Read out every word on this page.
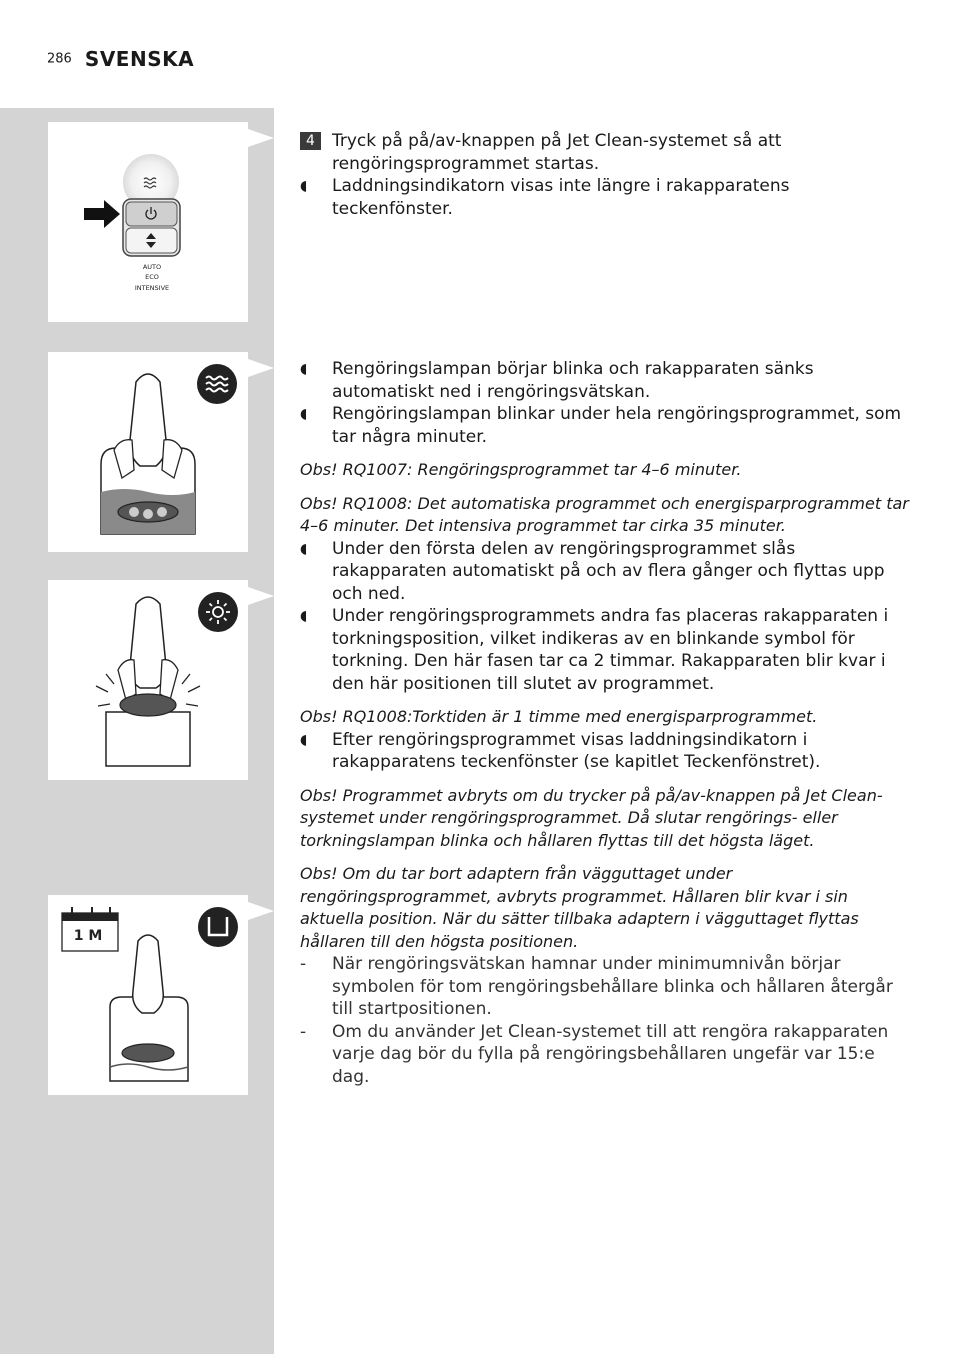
286 SVENSKA
AUTO
ECO
INTENSIVE
1 M
4	Tryck på på/av-knappen på Jet Clean-systemet så att rengöringsprogrammet startas.
◖ Laddningsindikatorn visas inte längre i rakapparatens teckenfönster.
◖ Rengöringslampan börjar blinka och rakapparaten sänks automatiskt ned i rengöringsvätskan.
◖ Rengöringslampan blinkar under hela rengöringsprogrammet, som tar några minuter.
Obs! RQ1007: Rengöringsprogrammet tar 4–6 minuter.
Obs! RQ1008: Det automatiska programmet och energisparprogrammet tar 4–6 minuter. Det intensiva programmet tar cirka 35 minuter.
◖ Under den första delen av rengöringsprogrammet slås rakapparaten automatiskt på och av flera gånger och flyttas upp och ned.
◖ Under rengöringsprogrammets andra fas placeras rakapparaten i torkningsposition, vilket indikeras av en blinkande symbol för torkning. Den här fasen tar ca 2 timmar. Rakapparaten blir kvar i den här positionen till slutet av programmet.
Obs! RQ1008:Torktiden är 1 timme med energisparprogrammet.
◖ Efter rengöringsprogrammet visas laddningsindikatorn i rakapparatens teckenfönster (se kapitlet Teckenfönstret).
Obs! Programmet avbryts om du trycker på på/av-knappen på Jet Clean-systemet under rengöringsprogrammet. Då slutar rengörings- eller torkningslampan blinka och hållaren flyttas till det högsta läget.
Obs! Om du tar bort adaptern från vägguttaget under rengöringsprogrammet, avbryts programmet. Hållaren blir kvar i sin aktuella position. När du sätter tillbaka adaptern i vägguttaget flyttas hållaren till den högsta positionen.
- När rengöringsvätskan hamnar under minimumnivån börjar symbolen för tom rengöringsbehållare blinka och hållaren återgår till startpositionen.
- Om du använder Jet Clean-systemet till att rengöra rakapparaten varje dag bör du fylla på rengöringsbehållaren ungefär var 15:e dag.
